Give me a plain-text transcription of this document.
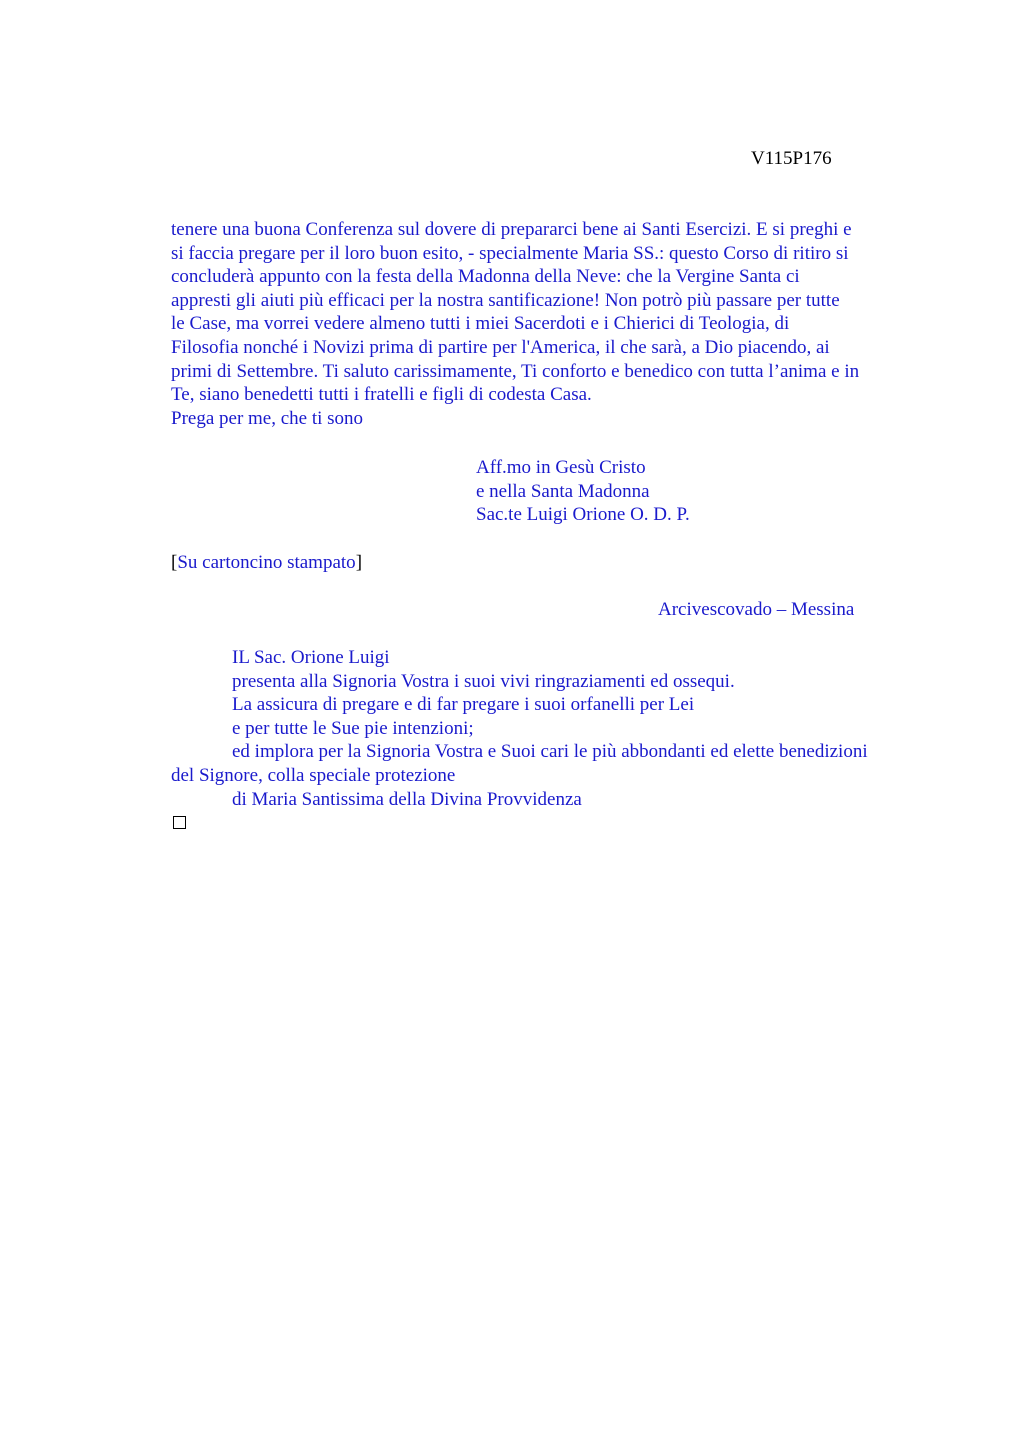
V115P176
tenere una buona Conferenza sul dovere di prepararci bene ai Santi Esercizi. E si preghi e
si faccia pregare per il loro buon esito, - specialmente Maria SS.: questo Corso di ritiro si
concluderà appunto con la festa della Madonna della Neve: che la Vergine Santa ci
appresti gli aiuti più efficaci per la nostra santificazione! Non potrò più passare per tutte
le Case, ma vorrei vedere almeno tutti i miei Sacerdoti e i Chierici di Teologia, di
Filosofia nonché i Novizi prima di partire per l'America, il che sarà, a Dio piacendo, ai
primi di Settembre. Ti saluto carissimamente, Ti conforto e benedico con tutta l’anima e in
Te, siano benedetti tutti i fratelli e figli di codesta Casa.
Prega per me, che ti sono
Aff.mo in Gesù Cristo
e nella Santa Madonna
Sac.te Luigi Orione O. D. P.
[Su cartoncino stampato]
Arcivescovado – Messina
IL Sac. Orione Luigi
presenta alla Signoria Vostra i suoi vivi ringraziamenti ed ossequi.
La assicura di pregare e di far pregare i suoi orfanelli per Lei
e per tutte le Sue pie intenzioni;
ed implora per la Signoria Vostra e Suoi cari le più abbondanti ed elette benedizioni
del Signore, colla speciale protezione
di Maria Santissima della Divina Provvidenza
